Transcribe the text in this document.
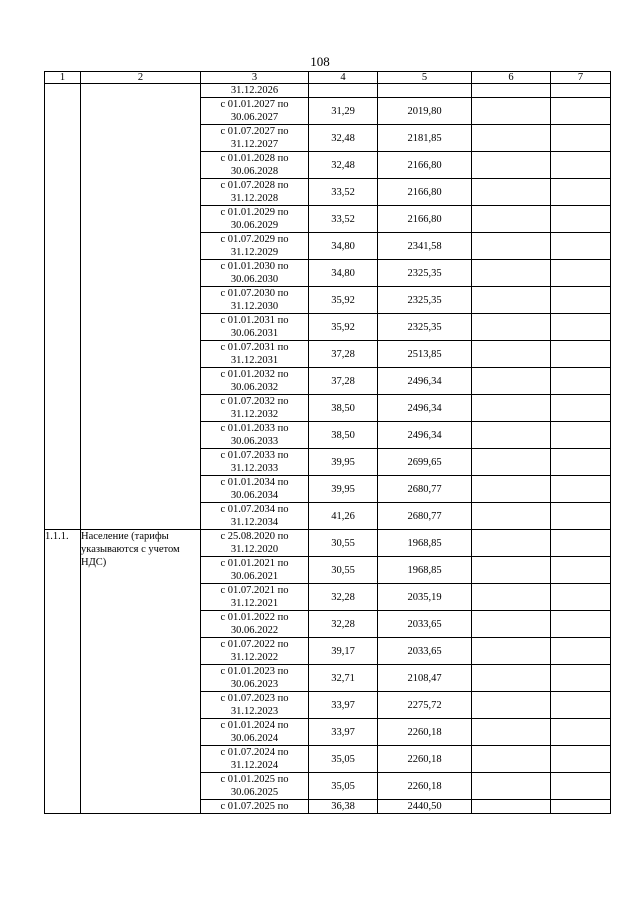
108
1	2	3	4	5	6	7
		31.12.2026				
		с 01.01.2027 по 30.06.2027	31,29	2019,80		
		с 01.07.2027 по 31.12.2027	32,48	2181,85		
		с 01.01.2028 по 30.06.2028	32,48	2166,80		
		с 01.07.2028 по 31.12.2028	33,52	2166,80		
		с 01.01.2029 по 30.06.2029	33,52	2166,80		
		с 01.07.2029 по 31.12.2029	34,80	2341,58		
		с 01.01.2030 по 30.06.2030	34,80	2325,35		
		с 01.07.2030 по 31.12.2030	35,92	2325,35		
		с 01.01.2031 по 30.06.2031	35,92	2325,35		
		с 01.07.2031 по 31.12.2031	37,28	2513,85		
		с 01.01.2032 по 30.06.2032	37,28	2496,34		
		с 01.07.2032 по 31.12.2032	38,50	2496,34		
		с 01.01.2033 по 30.06.2033	38,50	2496,34		
		с 01.07.2033 по 31.12.2033	39,95	2699,65		
		с 01.01.2034 по 30.06.2034	39,95	2680,77		
		с 01.07.2034 по 31.12.2034	41,26	2680,77		
1.1.1.	Население (тарифы указываются с учетом НДС)	с 25.08.2020 по 31.12.2020	30,55	1968,85		
		с 01.01.2021 по 30.06.2021	30,55	1968,85		
		с 01.07.2021 по 31.12.2021	32,28	2035,19		
		с 01.01.2022 по 30.06.2022	32,28	2033,65		
		с 01.07.2022 по 31.12.2022	39,17	2033,65		
		с 01.01.2023 по 30.06.2023	32,71	2108,47		
		с 01.07.2023 по 31.12.2023	33,97	2275,72		
		с 01.01.2024 по 30.06.2024	33,97	2260,18		
		с 01.07.2024 по 31.12.2024	35,05	2260,18		
		с 01.01.2025 по 30.06.2025	35,05	2260,18		
		с 01.07.2025 по	36,38	2440,50		
